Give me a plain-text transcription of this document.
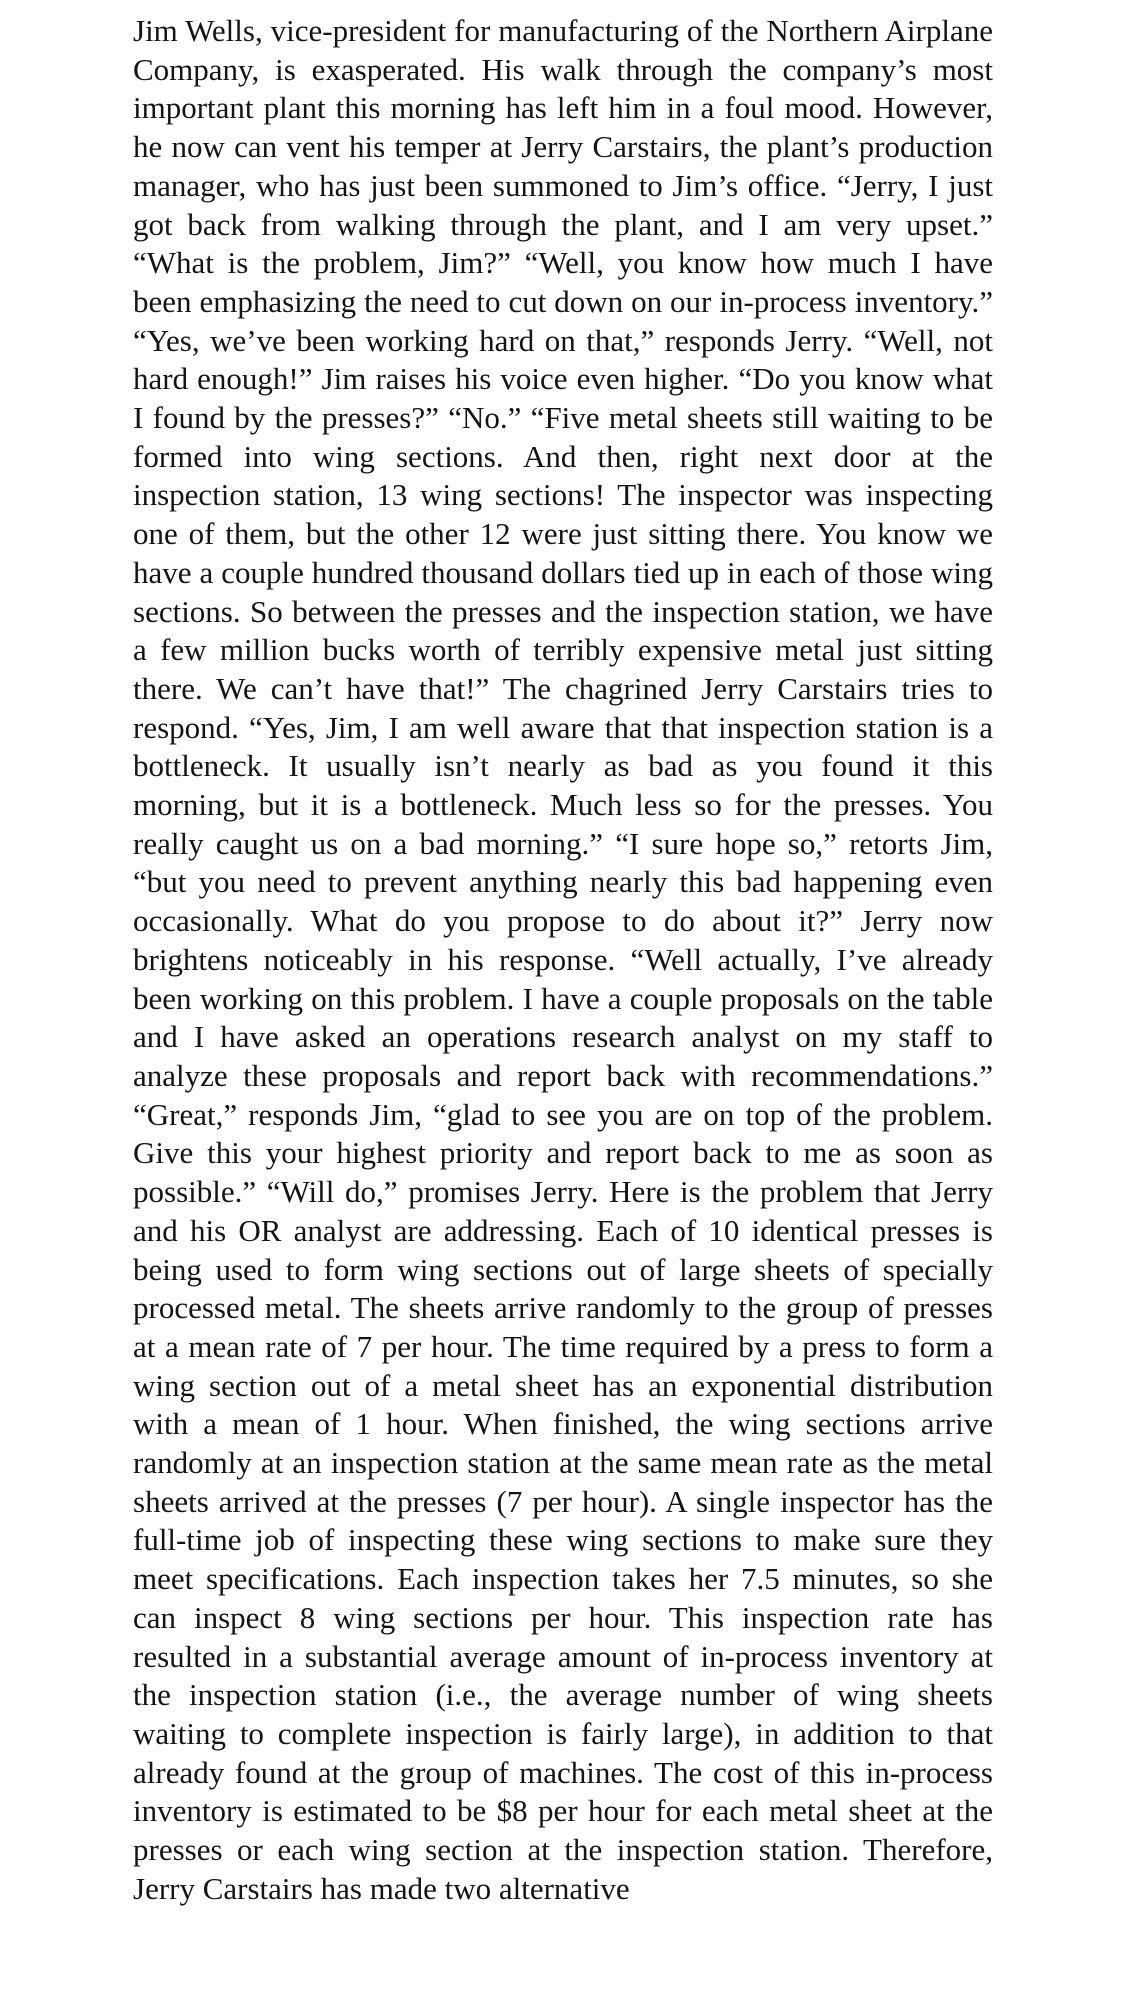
Jim Wells, vice-president for manufacturing of the Northern Airplane Company, is exasperated. His walk through the company’s most important plant this morning has left him in a foul mood. However, he now can vent his temper at Jerry Carstairs, the plant’s production manager, who has just been summoned to Jim’s office. “Jerry, I just got back from walking through the plant, and I am very upset.” “What is the problem, Jim?” “Well, you know how much I have been emphasizing the need to cut down on our in-process inventory.” “Yes, we’ve been working hard on that,” responds Jerry. “Well, not hard enough!” Jim raises his voice even higher. “Do you know what I found by the presses?” “No.” “Five metal sheets still waiting to be formed into wing sections. And then, right next door at the inspection station, 13 wing sections! The inspector was inspecting one of them, but the other 12 were just sitting there. You know we have a couple hundred thousand dollars tied up in each of those wing sections. So between the presses and the inspection station, we have a few million bucks worth of terribly expensive metal just sitting there. We can’t have that!” The chagrined Jerry Carstairs tries to respond. “Yes, Jim, I am well aware that that inspection station is a bottleneck. It usually isn’t nearly as bad as you found it this morning, but it is a bottleneck. Much less so for the presses. You really caught us on a bad morning.” “I sure hope so,” retorts Jim, “but you need to prevent anything nearly this bad happening even occasionally. What do you propose to do about it?” Jerry now brightens noticeably in his response. “Well actually, I’ve already been working on this problem. I have a couple proposals on the table and I have asked an operations research analyst on my staff to analyze these proposals and report back with recommendations.” “Great,” responds Jim, “glad to see you are on top of the problem. Give this your highest priority and report back to me as soon as possible.” “Will do,” promises Jerry. Here is the problem that Jerry and his OR analyst are addressing. Each of 10 identical presses is being used to form wing sections out of large sheets of specially processed metal. The sheets arrive randomly to the group of presses at a mean rate of 7 per hour. The time required by a press to form a wing section out of a metal sheet has an exponential distribution with a mean of 1 hour. When finished, the wing sections arrive randomly at an inspection station at the same mean rate as the metal sheets arrived at the presses (7 per hour). A single inspector has the full-time job of inspecting these wing sections to make sure they meet specifications. Each inspection takes her 7.5 minutes, so she can inspect 8 wing sections per hour. This inspection rate has resulted in a substantial average amount of in-process inventory at the inspection station (i.e., the average number of wing sheets waiting to complete inspection is fairly large), in addition to that already found at the group of machines. The cost of this in-process inventory is estimated to be $8 per hour for each metal sheet at the presses or each wing section at the inspection station. Therefore, Jerry Carstairs has made two alternative
